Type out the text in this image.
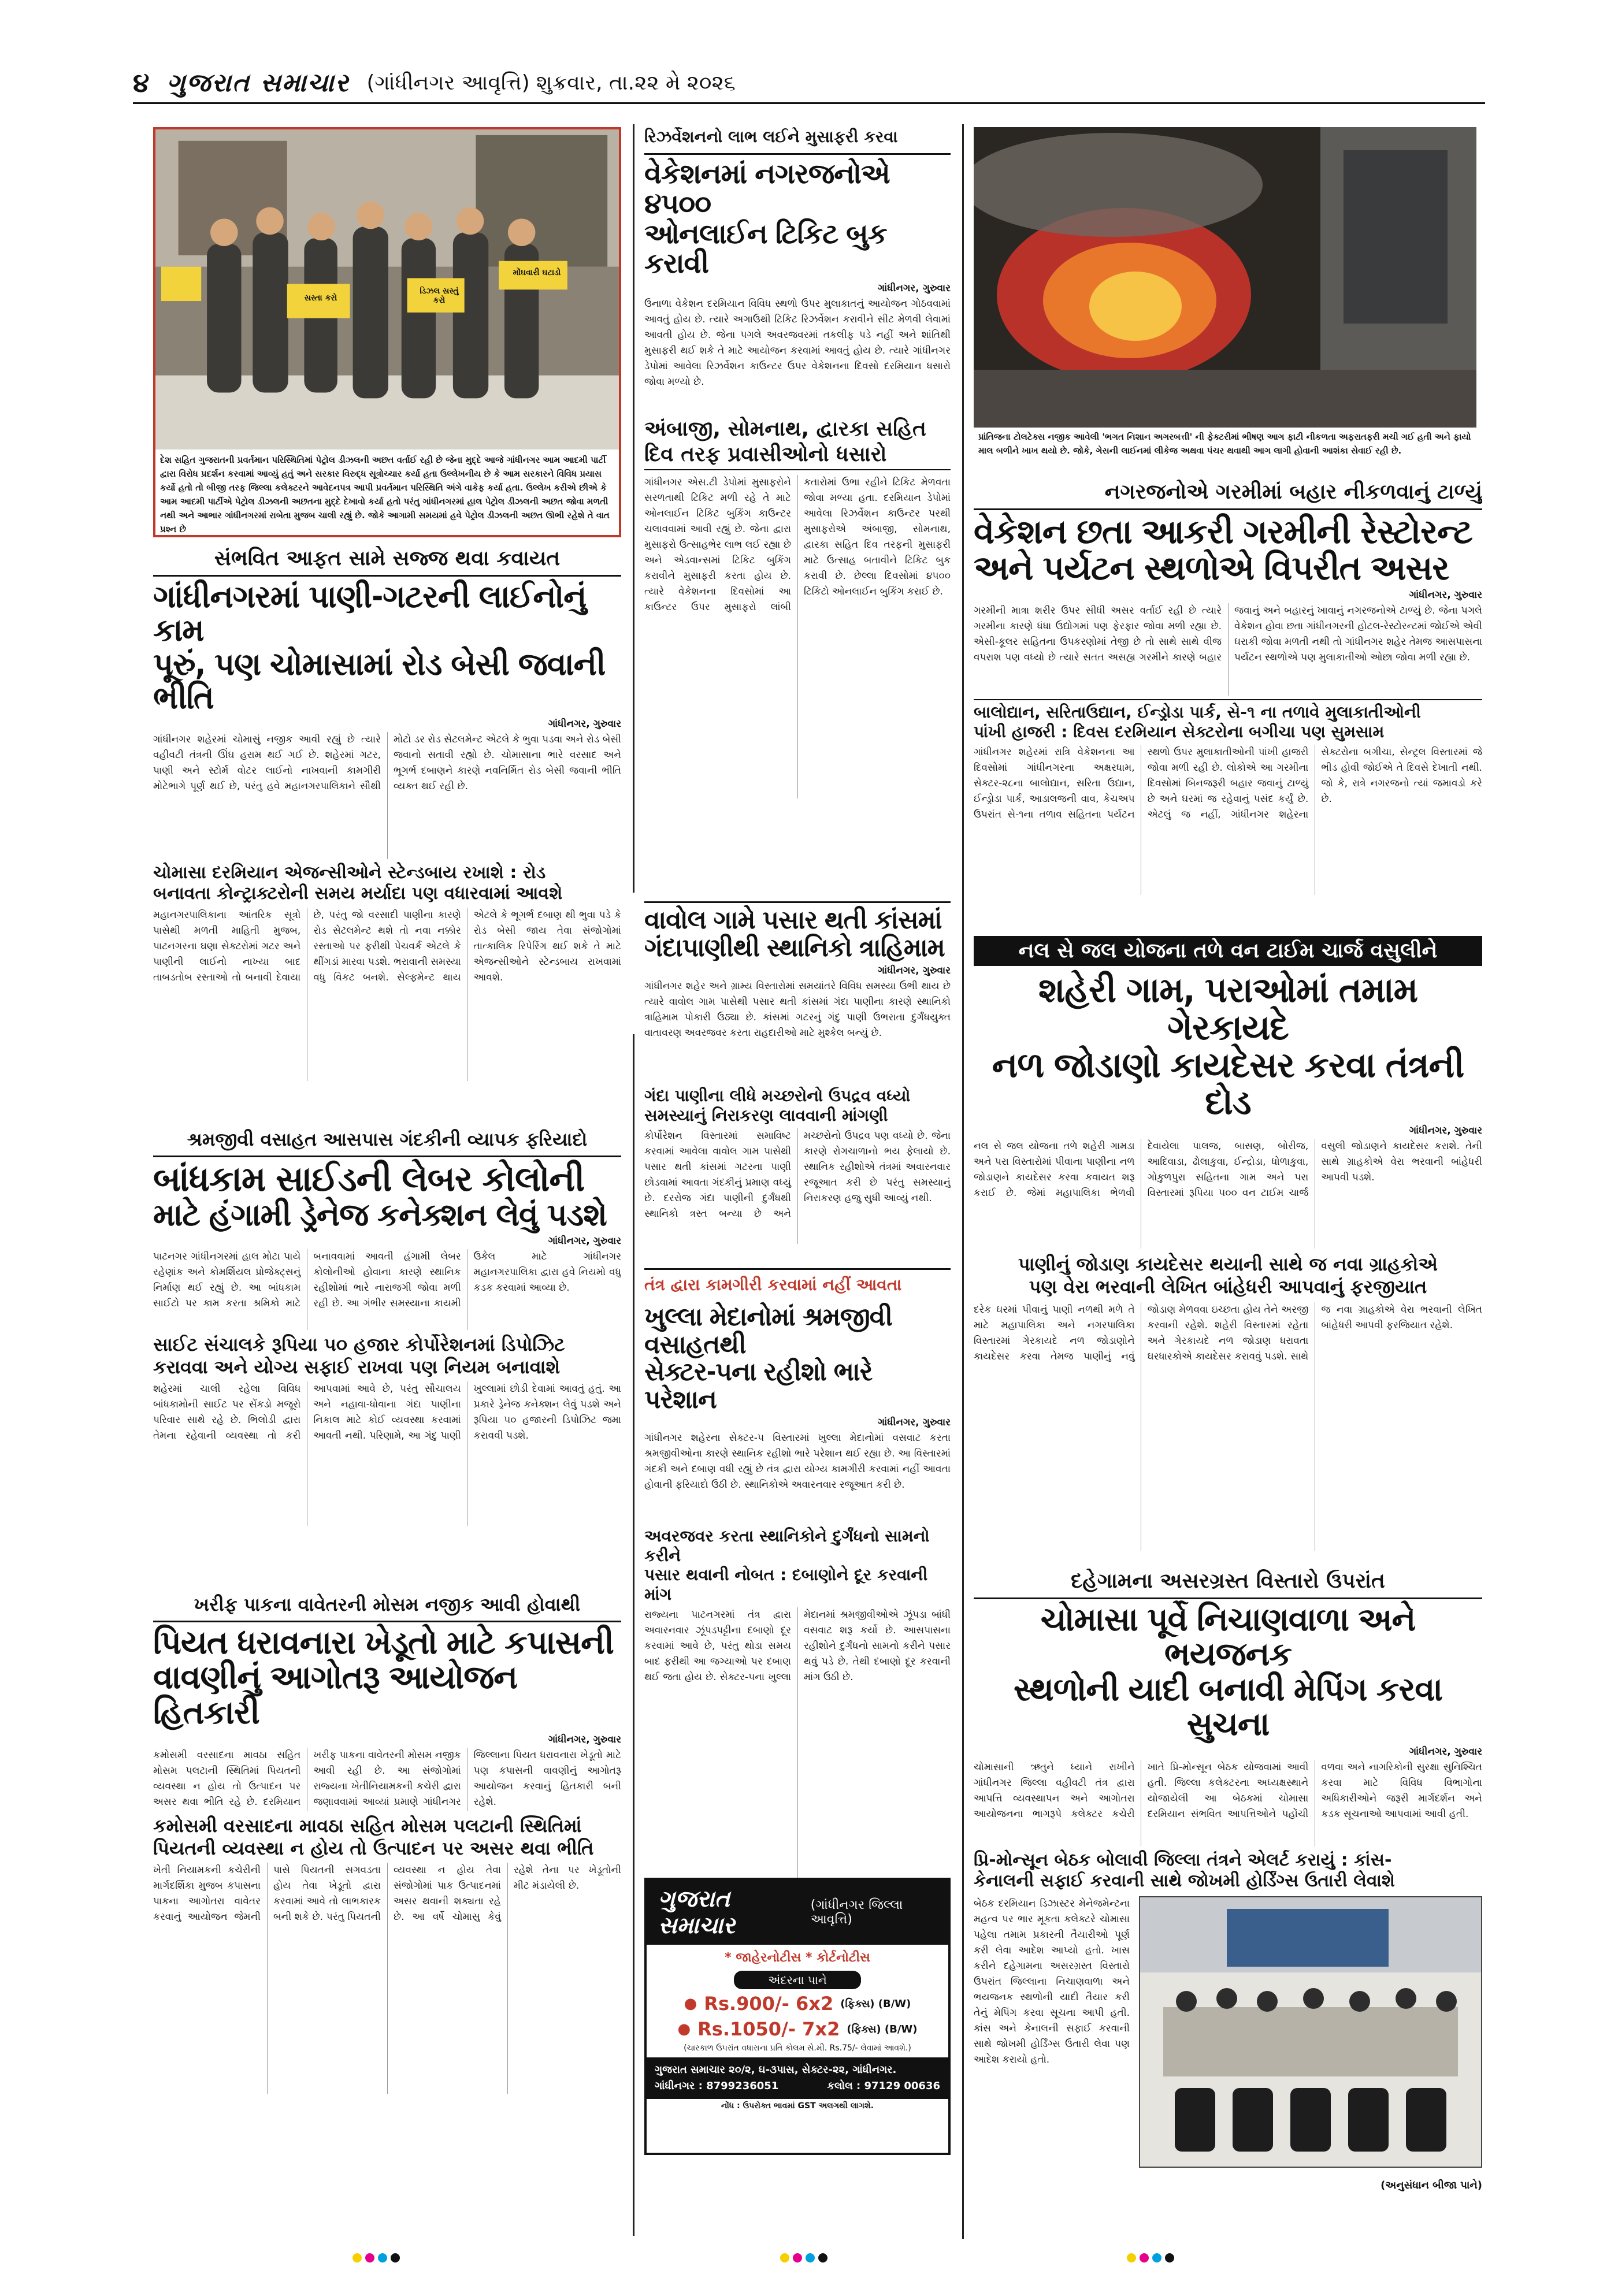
૪ ગુજરાત સમાચાર (ગાંધીનગર આવૃત્તિ) શુક્રવાર, તા.૨૨ મે ૨૦૨૬
મોંઘવારી ઘટાડો
ડિઝલ સસ્તું કરો
સસ્તા કરો
દેશ સહિત ગુજરાતની પ્રવર્તમાન પરિસ્થિતિમાં પેટ્રોલ ડીઝલની અછત વર્તાઈ રહી છે જેના મુદ્દે આજે ગાંધીનગર આમ આદમી પાર્ટી દ્વારા વિરોધ પ્રદર્શન કરવામાં આવ્યું હતું અને સરકાર વિરુદ્ધ સૂત્રોચ્ચાર કર્યા હતા ઉલ્લેખનીય છે કે આમ સરકારને વિવિધ પ્રયાસ કર્યો હતો તો બીજી તરફ જિલ્લા કલેક્ટરને આવેદનપત્ર આપી પ્રવર્તમાન પરિસ્થિતિ અંગે વાકેફ કર્યા હતા. ઉલ્લેખ કરીએ છીએ કે આમ આદમી પાર્ટીએ પેટ્રોલ ડીઝલની અછતના મુદ્દે દેખાવો કર્યા હતો પરંતુ ગાંધીનગરમાં હાલ પેટ્રોલ ડીઝલની અછત જોવા મળતી નથી અને આભાર ગાંધીનગરમાં રાબેતા મુજબ ચાલી રહ્યું છે. જોકે આગામી સમયમાં હવે પેટ્રોલ ડીઝલની અછત ઊભી રહેશે તે વાત પ્રશ્ન છે
રિઝર્વેશનનો લાભ લઈને મુસાફરી કરવા
વેકેશનમાં નગરજનોએ ૪૫૦૦
ઓનલાઈન ટિકિટ બુક કરાવી
ગાંધીનગર, ગુરુવાર
ઉનાળા વેકેશન દરમિયાન વિવિધ સ્થળો ઉપર મુલાકાતનું આયોજન ગોઠવવામાં આવતું હોય છે. ત્યારે અગાઉથી ટિકિટ રિઝર્વેશન કરાવીને સીટ મેળવી લેવામાં આવતી હોય છે. જેના પગલે અવરજવરમાં તકલીફ પડે નહીં અને શાંતિથી મુસાફરી થઈ શકે તે માટે આયોજન કરવામાં આવતું હોય છે. ત્યારે ગાંધીનગર ડેપોમાં આવેલા રિઝર્વેશન કાઉન્ટર ઉપર વેકેશનના દિવસો દરમિયાન ધસારો જોવા મળ્યો છે.
અંબાજી, સોમનાથ, દ્વારકા સહિત
દિવ તરફ પ્રવાસીઓનો ધસારો
ગાંધીનગર એસ.ટી ડેપોમાં મુસાફરોને સરળતાથી ટિકિટ મળી રહે તે માટે ઓનલાઈન ટિકિટ બુકિંગ કાઉન્ટર ચલાવવામાં આવી રહ્યું છે. જેના દ્વારા મુસાફરો ઉત્સાહભેર લાભ લઈ રહ્યા છે અને એડવાન્સમાં ટિકિટ બુકિંગ કરાવીને મુસાફરી કરતા હોય છે. ત્યારે વેકેશનના દિવસોમાં આ કાઉન્ટર ઉપર મુસાફરો લાંબી કતારોમાં ઉભા રહીને ટિકિટ મેળવતા જોવા મળ્યા હતા. દરમિયાન ડેપોમાં આવેલા રિઝર્વેશન કાઉન્ટર પરથી મુસાફરોએ અંબાજી, સોમનાથ, દ્વારકા સહિત દિવ તરફની મુસાફરી માટે ઉત્સાહ બતાવીને ટિકિટ બુક કરાવી છે. છેલ્લા દિવસોમાં ૪૫૦૦ ટિકિટો ઓનલાઈન બુકિંગ કરાઈ છે.
પ્રાંતિજના ટોલટેક્સ નજીક આવેલી 'ભગત નિશાન અગરબત્તી' ની ફેક્ટરીમાં ભીષણ આગ ફાટી નીકળતા અફરાતફરી મચી ગઈ હતી અને ફાયો માલ બળીને ખાખ થયો છે. જોકે, ગેસની લાઈનમાં લીકેજ અથવા પંચર થવાથી આગ લાગી હોવાની આશંકા સેવાઈ રહી છે.
નગરજનોએ ગરમીમાં બહાર નીકળવાનું ટાળ્યું
વેકેશન છતા આકરી ગરમીની રેસ્ટોરન્ટ
અને પર્યટન સ્થળોએ વિપરીત અસર
ગાંધીનગર, ગુરુવાર
ગરમીની માત્રા શરીર ઉપર સીધી અસર વર્તાઈ રહી છે ત્યારે ગરમીના કારણે ધંધા ઉદ્યોગમાં પણ ફેરફાર જોવા મળી રહ્યા છે. એસી-કૂલર સહિતના ઉપકરણોમાં તેજી છે તો સાથે સાથે વીજ વપરાશ પણ વધ્યો છે ત્યારે સતત અસહ્ય ગરમીને કારણે બહાર જવાનું અને બહારનું ખાવાનું નગરજનોએ ટાળ્યું છે. જેના પગલે વેકેશન હોવા છતા ગાંધીનગરની હોટલ-રેસ્ટોરન્ટમાં જોઈએ એવી ઘરાકી જોવા મળતી નથી તો ગાંધીનગર શહેર તેમજ આસપાસના પર્યટન સ્થળોએ પણ મુલાકાતીઓ ઓછા જોવા મળી રહ્યા છે.
બાલોદ્યાન, સરિતાઉદ્યાન, ઈન્ડ્રોડા પાર્ક, સે-૧ ના તળાવે મુલાકાતીઓની
પાંખી હાજરી : દિવસ દરમિયાન સેક્ટરોના બગીચા પણ સુમસામ
ગાંધીનગર શહેરમાં રાત્રિ વેકેશનના આ દિવસોમાં ગાંધીનગરના અક્ષરધામ, સેક્ટર-૨૮ના બાલોદ્યાન, સરિતા ઉદ્યાન, ઈન્ડ્રોડા પાર્ક, આડાલજની વાવ, કેચઅપ ઉપરાંત સે-૧ના તળાવ સહિતના પર્યટન સ્થળો ઉપર મુલાકાતીઓની પાંખી હાજરી જોવા મળી રહી છે. લોકોએ આ ગરમીના દિવસોમાં બિનજરૂરી બહાર જવાનું ટાળ્યું છે અને ઘરમાં જ રહેવાનું પસંદ કર્યું છે. એટલું જ નહીં, ગાંધીનગર શહેરના સેક્ટરોના બગીચા, સેન્ટ્રલ વિસ્તારમાં જે ભીડ હોવી જોઈએ તે દિવસે દેખાતી નથી. જો કે, રાત્રે નગરજનો ત્યાં જમાવડો કરે છે.
સંભવિત આફત સામે સજ્જ થવા કવાયત
ગાંધીનગરમાં પાણી-ગટરની લાઈનોનું કામ
પૂરું, પણ ચોમાસામાં રોડ બેસી જવાની ભીતિ
ગાંધીનગર, ગુરુવાર
ગાંધીનગર શહેરમાં ચોમાસું નજીક આવી રહ્યું છે ત્યારે વહીવટી તંત્રની ઊંઘ હરામ થઈ ગઈ છે. શહેરમાં ગટર, પાણી અને સ્ટોર્મ વોટર લાઈનો નાખવાની કામગીરી મોટેભાગે પૂર્ણ થઈ છે, પરંતુ હવે મહાનગરપાલિકાને સૌથી મોટો ડર રોડ સેટલમેન્ટ એટલે કે ભુવા પડવા અને રોડ બેસી જવાનો સતાવી રહ્યો છે. ચોમાસાના ભારે વરસાદ અને ભૂગર્ભ દબાણને કારણે નવનિર્મિત રોડ બેસી જવાની ભીતિ વ્યક્ત થઈ રહી છે.
ચોમાસા દરમિયાન એજન્સીઓને સ્ટેન્ડબાય રખાશે : રોડ
બનાવતા કોન્ટ્રાક્ટરોની સમય મર્યાદા પણ વધારવામાં આવશે
મહાનગરપાલિકાના આંતરિક સૂત્રો પાસેથી મળતી માહિતી મુજબ, પાટનગરના ઘણા સેક્ટરોમાં ગટર અને પાણીની લાઈનો નાખ્યા બાદ તાબડતોબ રસ્તાઓ તો બનાવી દેવાયા છે, પરંતુ જો વરસાદી પાણીના કારણે રોડ સેટલમેન્ટ થશે તો નવા નક્કોર રસ્તાઓ પર ફરીથી પેચવર્ક એટલે કે થીંગડાં મારવા પડશે. ભરાવાની સમસ્યા વધુ વિકટ બનશે. સેલ્ફમેન્ટ થાય એટલે કે ભૂગર્ભ દબાણ થી ભુવા પડે કે રોડ બેસી જાય તેવા સંજોગોમાં તાત્કાલિક રિપેરિંગ થઈ શકે તે માટે એજન્સીઓને સ્ટેન્ડબાય રાખવામાં આવશે.
વાવોલ ગામે પસાર થતી કાંસમાં
ગંદાપાણીથી સ્થાનિકો ત્રાહિમામ
ગાંધીનગર, ગુરુવાર
ગાંધીનગર શહેર અને ગ્રામ્ય વિસ્તારોમાં સમયાંતરે વિવિધ સમસ્યા ઉભી થાય છે ત્યારે વાવોલ ગામ પાસેથી પસાર થતી કાંસમાં ગંદા પાણીના કારણે સ્થાનિકો ત્રાહિમામ પોકારી ઉઠ્યા છે. કાંસમાં ગટરનું ગંદુ પાણી ઉભરાતા દુર્ગંધયુક્ત વાતાવરણ અવરજવર કરતા રાહદારીઓ માટે મુશ્કેલ બન્યું છે.
ગંદા પાણીના લીધે મચ્છરોનો ઉપદ્રવ વધ્યો
સમસ્યાનું નિરાકરણ લાવવાની માંગણી
કોર્પોરેશન વિસ્તારમાં સમાવિષ્ટ કરવામાં આવેલા વાવોલ ગામ પાસેથી પસાર થતી કાંસમાં ગટરના પાણી છોડવામાં આવતા ગંદકીનું પ્રમાણ વધ્યું છે. દરરોજ ગંદા પાણીની દુર્ગંધથી સ્થાનિકો ત્રસ્ત બન્યા છે અને મચ્છરોનો ઉપદ્રવ પણ વધ્યો છે. જેના કારણે રોગચાળાનો ભય ફેલાયો છે. સ્થાનિક રહીશોએ તંત્રમાં અવારનવાર રજૂઆત કરી છે પરંતુ સમસ્યાનું નિરાકરણ હજુ સુધી આવ્યું નથી.
નલ સે જલ યોજના તળે વન ટાઈમ ચાર્જ વસુલીને
શહેરી ગામ, પરાઓમાં તમામ ગેરકાયદે
નળ જોડાણો કાયદેસર કરવા તંત્રની દોડ
ગાંધીનગર, ગુરુવાર
નલ સે જલ યોજના તળે શહેરી ગામડા અને પરા વિસ્તારોમાં પીવાના પાણીના નળ જોડાણને કાયદેસર કરવા કવાયત શરૂ કરાઈ છે. જેમાં મહાપાલિકા ભેળવી દેવાયેલા પાલજ, બાસણ, બોરીજ, આદિવાડા, ઢોલાકુવા, ઈન્દ્રોડા, ધોળાકુવા, ગોકુળપુરા સહિતના ગામ અને પરા વિસ્તારમાં રૂપિયા ૫૦૦ વન ટાઈમ ચાર્જ વસુલી જોડાણને કાયદેસર કરાશે. તેની સાથે ગ્રાહકોએ વેરા ભરવાની બાંહેધરી આપવી પડશે.
પાણીનું જોડાણ કાયદેસર થયાની સાથે જ નવા ગ્રાહકોએ
પણ વેરા ભરવાની લેખિત બાંહેધરી આપવાનું ફરજીયાત
દરેક ઘરમાં પીવાનું પાણી નળથી મળે તે માટે મહાપાલિકા અને નગરપાલિકા વિસ્તારમાં ગેરકાયદે નળ જોડાણોને કાયદેસર કરવા તેમજ પાણીનું નવું જોડાણ મેળવવા ઇચ્છતા હોય તેને અરજી કરવાની રહેશે. શહેરી વિસ્તારમાં રહેતા અને ગેરકાયદે નળ જોડાણ ધરાવતા ઘરધારકોએ કાયદેસર કરાવવું પડશે. સાથે જ નવા ગ્રાહકોએ વેરા ભરવાની લેખિત બાંહેધરી આપવી ફરજિયાત રહેશે.
શ્રમજીવી વસાહત આસપાસ ગંદકીની વ્યાપક ફરિયાદો
બાંધકામ સાઈડની લેબર કોલોની
માટે હંગામી ડ્રેનેજ કનેક્શન લેવું પડશે
ગાંધીનગર, ગુરુવાર
પાટનગર ગાંધીનગરમાં હાલ મોટા પાયે રહેણાંક અને કોમર્શિયલ પ્રોજેક્ટ્સનું નિર્માણ થઈ રહ્યું છે. આ બાંધકામ સાઈટો પર કામ કરતા શ્રમિકો માટે બનાવવામાં આવતી હંગામી લેબર કોલોનીઓ હોવાના કારણે સ્થાનિક રહીશોમાં ભારે નારાજગી જોવા મળી રહી છે. આ ગંભીર સમસ્યાના કાયમી ઉકેલ માટે ગાંધીનગર મહાનગરપાલિકા દ્વારા હવે નિયમો વધુ કડક કરવામાં આવ્યા છે.
સાઈટ સંચાલકે રૂપિયા ૫૦ હજાર કોર્પોરેશનમાં ડિપોઝિટ
કરાવવા અને યોગ્ય સફાઈ રાખવા પણ નિયમ બનાવાશે
શહેરમાં ચાલી રહેલા વિવિધ બાંધકામોની સાઈટ પર સેંકડો મજૂરો પરિવાર સાથે રહે છે. ભિલોડી દ્વારા તેમના રહેવાની વ્યવસ્થા તો કરી આપવામાં આવે છે, પરંતુ સૌચાલય અને નહાવા-ધોવાના ગંદા પાણીના નિકાલ માટે કોઈ વ્યવસ્થા કરવામાં આવતી નથી. પરિણામે, આ ગંદુ પાણી ખુલ્લામાં છોડી દેવામાં આવતું હતું. આ પ્રકારે ડ્રેનેજ કનેક્શન લેવું પડશે અને રૂપિયા ૫૦ હજારની ડિપોઝિટ જમા કરાવવી પડશે.
તંત્ર દ્વારા કામગીરી કરવામાં નહીં આવતા
ખુલ્લા મેદાનોમાં શ્રમજીવી વસાહતથી
સેક્ટર-૫ના રહીશો ભારે પરેશાન
ગાંધીનગર, ગુરુવાર
ગાંધીનગર શહેરના સેક્ટર-૫ વિસ્તારમાં ખુલ્લા મેદાનોમાં વસવાટ કરતા શ્રમજીવીઓના કારણે સ્થાનિક રહીશો ભારે પરેશાન થઈ રહ્યા છે. આ વિસ્તારમાં ગંદકી અને દબાણ વધી રહ્યું છે તંત્ર દ્વારા યોગ્ય કામગીરી કરવામાં નહીં આવતા હોવાની ફરિયાદો ઉઠી છે. સ્થાનિકોએ અવારનવાર રજૂઆત કરી છે.
અવરજવર કરતા સ્થાનિકોને દુર્ગંધનો સામનો કરીને
પસાર થવાની નોબત : દબાણોને દૂર કરવાની માંગ
રાજ્યના પાટનગરમાં તંત્ર દ્વારા અવારનવાર ઝૂંપડપટ્ટીના દબાણો દૂર કરવામાં આવે છે, પરંતુ થોડા સમય બાદ ફરીથી આ જગ્યાઓ પર દબાણ થઈ જતા હોય છે. સેક્ટર-૫ના ખુલ્લા મેદાનમાં શ્રમજીવીઓએ ઝૂંપડા બાંધી વસવાટ શરૂ કર્યો છે. આસપાસના રહીશોને દુર્ગંધનો સામનો કરીને પસાર થવું પડે છે. તેથી દબાણો દૂર કરવાની માંગ ઉઠી છે.
ખરીફ પાકના વાવેતરની મોસમ નજીક આવી હોવાથી
પિયત ધરાવનારા ખેડૂતો માટે કપાસની
વાવણીનું આગોતરૂ આયોજન હિતકારી
ગાંધીનગર, ગુરુવાર
કમોસમી વરસાદના માવઠા સહિત મોસમ પલટાની સ્થિતિમાં પિયતની વ્યવસ્થા ન હોય તો ઉત્પાદન પર અસર થવા ભીતિ રહે છે. દરમિયાન ખરીફ પાકના વાવેતરની મોસમ નજીક આવી રહી છે. આ સંજોગોમાં રાજ્યના ખેતીનિયામકની કચેરી દ્વારા જણાવવામાં આવ્યાં પ્રમાણે ગાંધીનગર જિલ્લાના પિયત ધરાવનારા ખેડૂતો માટે પણ કપાસની વાવણીનું આગોતરૂ આયોજન કરવાનું હિતકારી બની રહેશે.
કમોસમી વરસાદના માવઠા સહિત મોસમ પલટાની સ્થિતિમાં
પિયતની વ્યવસ્થા ન હોય તો ઉત્પાદન પર અસર થવા ભીતિ
ખેતી નિયામકની કચેરીની માર્ગદર્શિકા મુજબ કપાસના પાકના આગોતરા વાવેતર કરવાનું આયોજન જેમની પાસે પિયતની સગવડતા હોય તેવા ખેડૂતો દ્વારા કરવામાં આવે તો લાભકારક બની શકે છે. પરંતુ પિયતની વ્યવસ્થા ન હોય તેવા સંજોગોમાં પાક ઉત્પાદનમાં અસર થવાની શક્યતા રહે છે. આ વર્ષે ચોમાસુ કેવું રહેશે તેના પર ખેડૂતોની મીટ મંડાયેલી છે.	ગુજરાત સમાચાર
(ગાંધીનગર જિલ્લા આવૃત્તિ)
* જાહેરનોટીસ * કોર્ટનોટીસ
અંદરના પાને
● Rs.900/- 6x2 (ફિક્સ) (B/W)
● Rs.1050/- 7x2 (ફિક્સ) (B/W)
(ચારકાળ ઉપરાંત વધારાના પ્રતિ કોલમ સે.મી. Rs.75/- લેવામાં આવશે.)
ગુજરાત સમાચાર ૨૦/૨, ઘ-૩પાસ, સેક્ટર-૨૨, ગાંધીનગર.
ગાંધીનગર : 8799236051	કલોલ : 97129 00636
નોંધ : ઉપરોક્ત ભાવમાં GST અલગથી લાગશે.
દહેગામના અસરગ્રસ્ત વિસ્તારો ઉપરાંત
ચોમાસા પૂર્વે નિચાણવાળા અને ભયજનક
સ્થળોની યાદી બનાવી મેપિંગ કરવા સુચના
ગાંધીનગર, ગુરુવાર
ચોમાસાની ઋતુને ધ્યાને રાખીને ગાંધીનગર જિલ્લા વહીવટી તંત્ર દ્વારા આપત્તિ વ્યવસ્થાપન અને આગોતરા આયોજનના ભાગરૂપે કલેક્ટર કચેરી ખાતે પ્રિ-મોન્સૂન બેઠક યોજવામાં આવી હતી. જિલ્લા કલેક્ટરના અધ્યક્ષસ્થાને યોજાયેલી આ બેઠકમાં ચોમાસા દરમિયાન સંભવિત આપત્તિઓને પહોંચી વળવા અને નાગરિકોની સુરક્ષા સુનિશ્ચિત કરવા માટે વિવિધ વિભાગોના અધિકારીઓને જરૂરી માર્ગદર્શન અને કડક સૂચનાઓ આપવામાં આવી હતી.
પ્રિ-મોન્સૂન બેઠક બોલાવી જિલ્લા તંત્રને એલર્ટ કરાયું : કાંસ-
કેનાલની સફાઈ કરવાની સાથે જોખમી હોર્ડિંગ્સ ઉતારી લેવાશે
બેઠક દરમિયાન ડિઝાસ્ટર મેનેજમેન્ટના મહત્વ પર ભાર મૂકતા કલેક્ટરે ચોમાસા પહેલા તમામ પ્રકારની તૈયારીઓ પૂર્ણ કરી લેવા આદેશ આપ્યો હતો. ખાસ કરીને દહેગામના અસરગ્રસ્ત વિસ્તારો ઉપરાંત જિલ્લાના નિચાણવાળા અને ભયજનક સ્થળોની યાદી તૈયાર કરી તેનું મેપિંગ કરવા સૂચના આપી હતી. કાંસ અને કેનાલની સફાઈ કરવાની સાથે જોખમી હોર્ડિંગ્સ ઉતારી લેવા પણ આદેશ કરાયો હતો.
(અનુસંધાન બીજા પાને)
